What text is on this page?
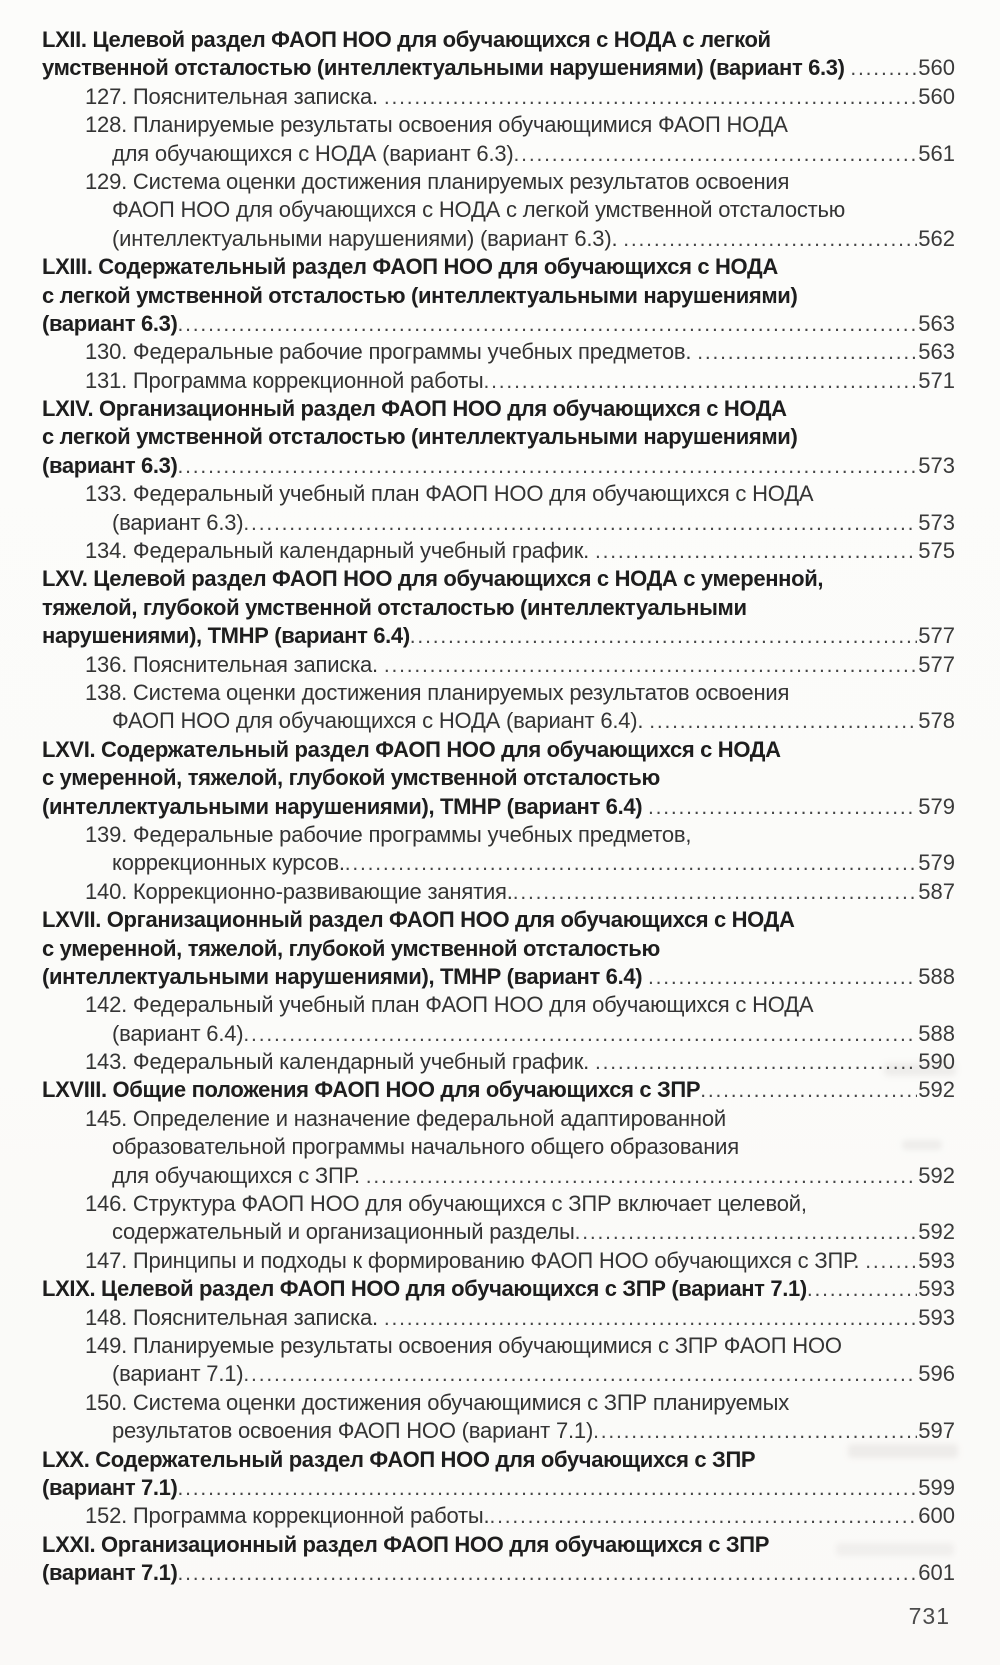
LXII. Целевой раздел ФАОП НОО для обучающихся с НОДА с легкой
умственной отсталостью (интеллектуальными нарушениями) (вариант 6.3) .....	560
127. Пояснительная записка. .....	560
128. Планируемые результаты освоения обучающимися ФАОП НОДА
для обучающихся с НОДА (вариант 6.3) .....	561
129. Система оценки достижения планируемых результатов освоения
ФАОП НОО для обучающихся с НОДА с легкой умственной отсталостью
(интеллектуальными нарушениями) (вариант 6.3). .....	562
LXIII. Содержательный раздел ФАОП НОО для обучающихся с НОДА
с легкой умственной отсталостью (интеллектуальными нарушениями)
(вариант 6.3) .....	563
130. Федеральные рабочие программы учебных предметов. .....	563
131. Программа коррекционной работы .....	571
LXIV. Организационный раздел ФАОП НОО для обучающихся с НОДА
с легкой умственной отсталостью (интеллектуальными нарушениями)
(вариант 6.3) .....	573
133. Федеральный учебный план ФАОП НОО для обучающихся с НОДА
(вариант 6.3) .....	573
134. Федеральный календарный учебный график. .....	575
LXV. Целевой раздел ФАОП НОО для обучающихся с НОДА с умеренной,
тяжелой, глубокой умственной отсталостью (интеллектуальными
нарушениями), ТМНР (вариант 6.4) .....	577
136. Пояснительная записка. .....	577
138. Система оценки достижения планируемых результатов освоения
ФАОП НОО для обучающихся с НОДА (вариант 6.4). .....	578
LXVI. Содержательный раздел ФАОП НОО для обучающихся с НОДА
с умеренной, тяжелой, глубокой умственной отсталостью
(интеллектуальными нарушениями), ТМНР (вариант 6.4) .....	579
139. Федеральные рабочие программы учебных предметов,
коррекционных курсов. .....	579
140. Коррекционно-развивающие занятия. .....	587
LXVII. Организационный раздел ФАОП НОО для обучающихся с НОДА
с умеренной, тяжелой, глубокой умственной отсталостью
(интеллектуальными нарушениями), ТМНР (вариант 6.4) .....	588
142. Федеральный учебный план ФАОП НОО для обучающихся с НОДА
(вариант 6.4) .....	588
143. Федеральный календарный учебный график. .....	590
LXVIII. Общие положения ФАОП НОО для обучающихся с ЗПР .....	592
145. Определение и назначение федеральной адаптированной
образовательной программы начального общего образования
для обучающихся с ЗПР. .....	592
146. Структура ФАОП НОО для обучающихся с ЗПР включает целевой,
содержательный и организационный разделы .....	592
147. Принципы и подходы к формированию ФАОП НОО обучающихся с ЗПР. ..... 593
LXIX. Целевой раздел ФАОП НОО для обучающихся с ЗПР (вариант 7.1) .....	593
148. Пояснительная записка. .....	593
149. Планируемые результаты освоения обучающимися с ЗПР ФАОП НОО
(вариант 7.1) .....	596
150. Система оценки достижения обучающимися с ЗПР планируемых
результатов освоения ФАОП НОО (вариант 7.1) .....	597
LXX. Содержательный раздел ФАОП НОО для обучающихся с ЗПР
(вариант 7.1) .....	599
152. Программа коррекционной работы. .....	600
LXXI. Организационный раздел ФАОП НОО для обучающихся с ЗПР
(вариант 7.1) .....	601
731
